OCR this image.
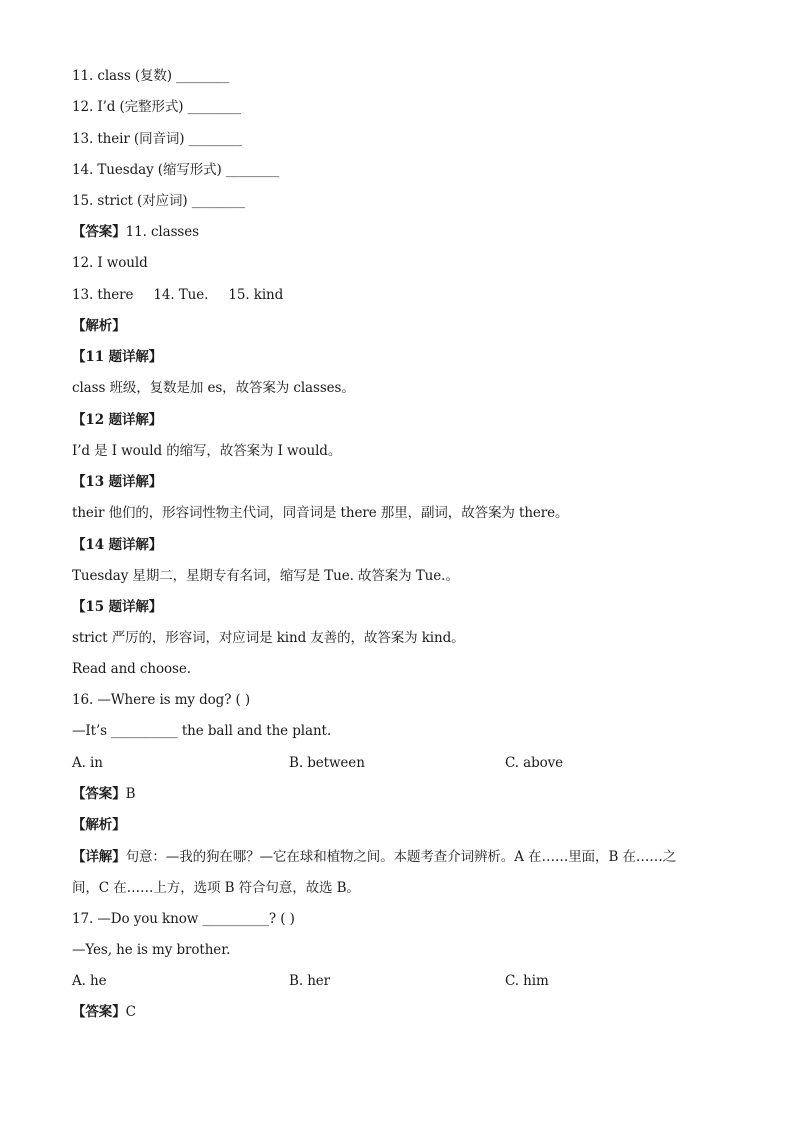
11. class (复数) ________
12. I’d (完整形式) ________
13. their (同音词) ________
14. Tuesday (缩写形式) ________
15. strict (对应词) ________
【答案】11. classes
12. I would
13. there 14. Tue. 15. kind
【解析】
【11 题详解】
class 班级，复数是加 es，故答案为 classes。
【12 题详解】
I’d 是 I would 的缩写，故答案为 I would。
【13 题详解】
their 他们的，形容词性物主代词，同音词是 there 那里，副词，故答案为 there。
【14 题详解】
Tuesday 星期二，星期专有名词，缩写是 Tue. 故答案为 Tue.。
【15 题详解】
strict 严厉的，形容词，对应词是 kind 友善的，故答案为 kind。
Read and choose.
16. —Where is my dog? ( )
—It’s __________ the ball and the plant.
A. in	B. between	C. above
【答案】B
【解析】
【详解】句意：—我的狗在哪？—它在球和植物之间。本题考查介词辨析。A 在……里面，B 在……之
间，C 在……上方，选项 B 符合句意，故选 B。
17. —Do you know __________? ( )
—Yes, he is my brother.
A. he	B. her	C. him
【答案】C
